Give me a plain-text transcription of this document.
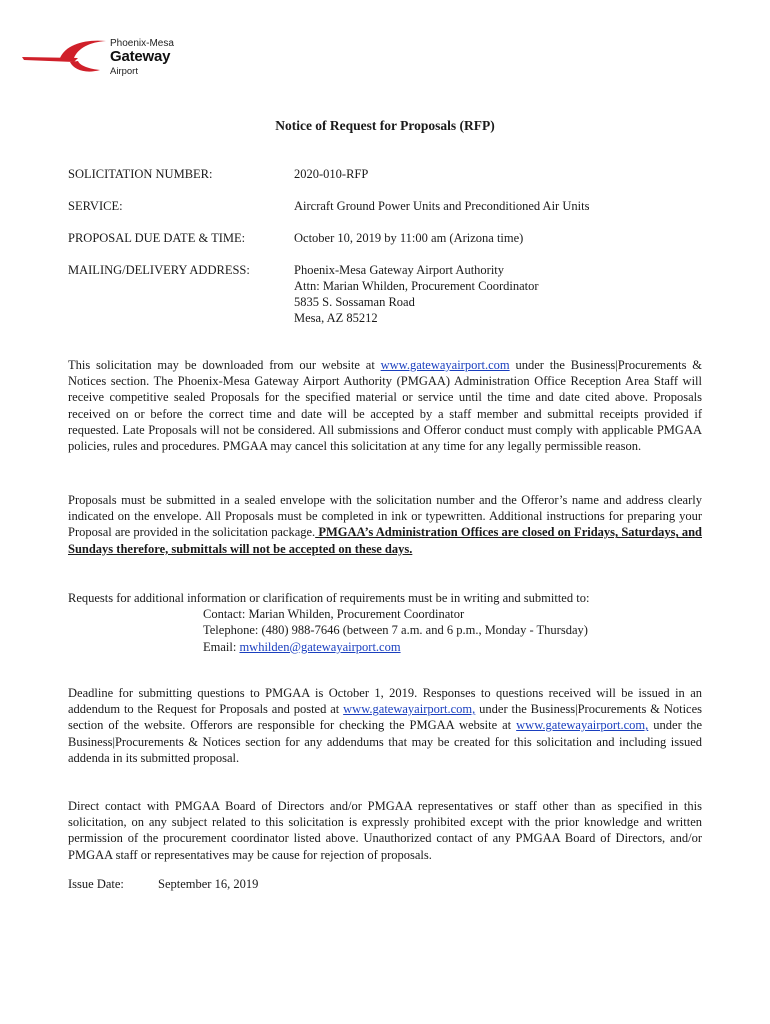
Phoenix-Mesa
Gateway
Airport
Notice of Request for Proposals (RFP)
SOLICITATION NUMBER:	2020-010-RFP
SERVICE:	Aircraft Ground Power Units and Preconditioned Air Units
PROPOSAL DUE DATE & TIME:	October 10, 2019 by 11:00 am (Arizona time)
MAILING/DELIVERY ADDRESS:	Phoenix-Mesa Gateway Airport Authority
Attn: Marian Whilden, Procurement Coordinator
5835 S. Sossaman Road
Mesa, AZ 85212
This solicitation may be downloaded from our website at www.gatewayairport.com under the Business|Procurements & Notices section. The Phoenix-Mesa Gateway Airport Authority (PMGAA) Administration Office Reception Area Staff will receive competitive sealed Proposals for the specified material or service until the time and date cited above. Proposals received on or before the correct time and date will be accepted by a staff member and submittal receipts provided if requested. Late Proposals will not be considered. All submissions and Offeror conduct must comply with applicable PMGAA policies, rules and procedures. PMGAA may cancel this solicitation at any time for any legally permissible reason.
Proposals must be submitted in a sealed envelope with the solicitation number and the Offeror’s name and address clearly indicated on the envelope. All Proposals must be completed in ink or typewritten. Additional instructions for preparing your Proposal are provided in the solicitation package. PMGAA’s Administration Offices are closed on Fridays, Saturdays, and Sundays therefore, submittals will not be accepted on these days.
Requests for additional information or clarification of requirements must be in writing and submitted to:
Contact: Marian Whilden, Procurement Coordinator
Telephone: (480) 988-7646 (between 7 a.m. and 6 p.m., Monday - Thursday)
Email: mwhilden@gatewayairport.com
Deadline for submitting questions to PMGAA is October 1, 2019. Responses to questions received will be issued in an addendum to the Request for Proposals and posted at www.gatewayairport.com, under the Business|Procurements & Notices section of the website. Offerors are responsible for checking the PMGAA website at www.gatewayairport.com, under the Business|Procurements & Notices section for any addendums that may be created for this solicitation and including issued addenda in its submitted proposal.
Direct contact with PMGAA Board of Directors and/or PMGAA representatives or staff other than as specified in this solicitation, on any subject related to this solicitation is expressly prohibited except with the prior knowledge and written permission of the procurement coordinator listed above. Unauthorized contact of any PMGAA Board of Directors, and/or PMGAA staff or representatives may be cause for rejection of proposals.
Issue Date:	September 16, 2019
